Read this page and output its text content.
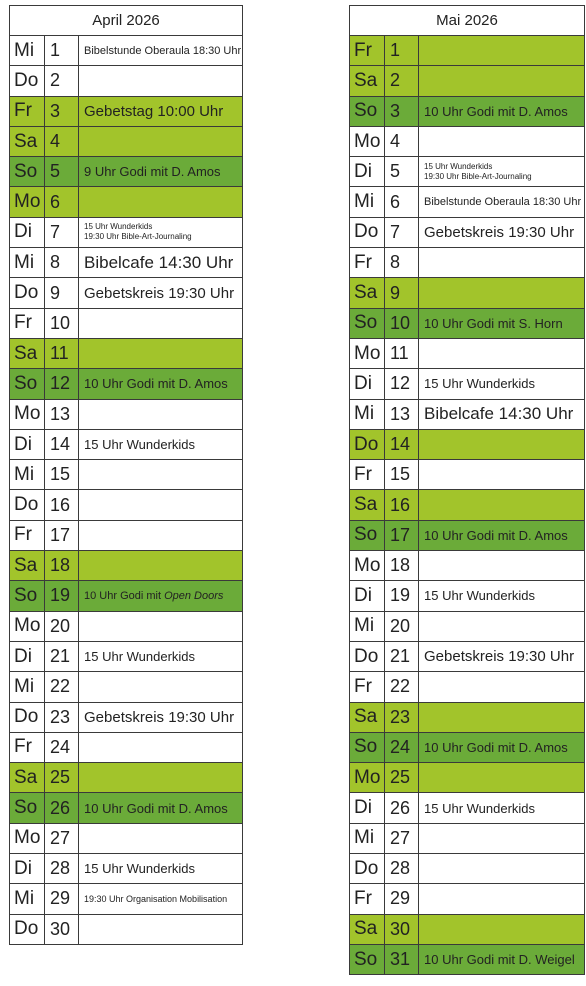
April 2026		
Mi	1	Bibelstunde Oberaula 18:30 Uhr
Do	2	
Fr	3	Gebetstag 10:00 Uhr
Sa	4	
So	5	9 Uhr Godi mit D. Amos
Mo	6	
Di	7	15 Uhr Wunderkids
19:30 Uhr Bible-Art-Journaling

Mi	8	Bibelcafe 14:30 Uhr
Do	9	Gebetskreis 19:30 Uhr
Fr	10	
Sa	11	
So	12	10 Uhr Godi mit D. Amos
Mo	13	
Di	14	15 Uhr Wunderkids
Mi	15	
Do	16	
Fr	17	
Sa	18	
So	19	10 Uhr Godi mit Open Doors
Mo	20	
Di	21	15 Uhr Wunderkids
Mi	22	
Do	23	Gebetskreis 19:30 Uhr
Fr	24	
Sa	25	
So	26	10 Uhr Godi mit D. Amos
Mo	27	
Di	28	15 Uhr Wunderkids
Mi	29	19:30 Uhr Organisation Mobilisation
Do	30	
Mai 2026		
Fr	1	
Sa	2	
So	3	10 Uhr Godi mit D. Amos
Mo	4	
Di	5	15 Uhr Wunderkids
19:30 Uhr Bible-Art-Journaling

Mi	6	Bibelstunde Oberaula 18:30 Uhr
Do	7	Gebetskreis 19:30 Uhr
Fr	8	
Sa	9	
So	10	10 Uhr Godi mit S. Horn
Mo	11	
Di	12	15 Uhr Wunderkids
Mi	13	Bibelcafe 14:30 Uhr
Do	14	
Fr	15	
Sa	16	
So	17	10 Uhr Godi mit D. Amos
Mo	18	
Di	19	15 Uhr Wunderkids
Mi	20	
Do	21	Gebetskreis 19:30 Uhr
Fr	22	
Sa	23	
So	24	10 Uhr Godi mit D. Amos
Mo	25	
Di	26	15 Uhr Wunderkids
Mi	27	
Do	28	
Fr	29	
Sa	30	
So	31	10 Uhr Godi mit D. Weigel
